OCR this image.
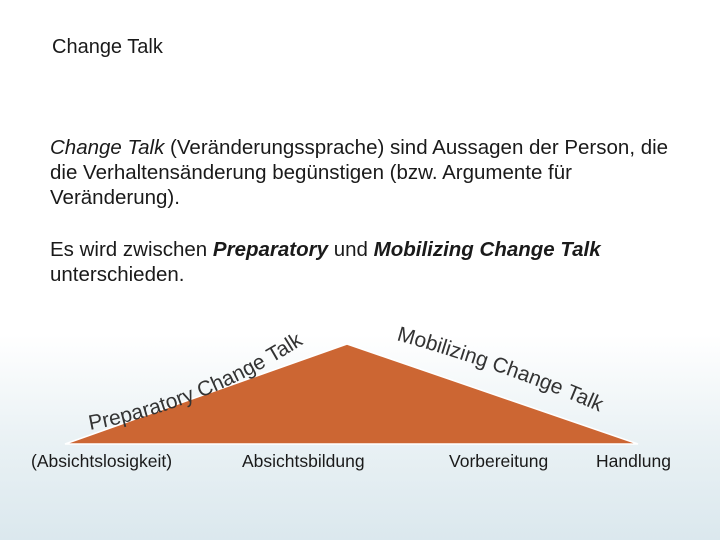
Change Talk
Change Talk (Veränderungssprache) sind Aussagen der Person, die die Verhaltensänderung begünstigen (bzw. Argumente für Veränderung).
Es wird zwischen Preparatory und Mobilizing Change Talk unterschieden.
Preparatory Change Talk	Mobilizing Change Talk
(Absichtslosigkeit)	Absichtsbildung	Vorbereitung	Handlung
